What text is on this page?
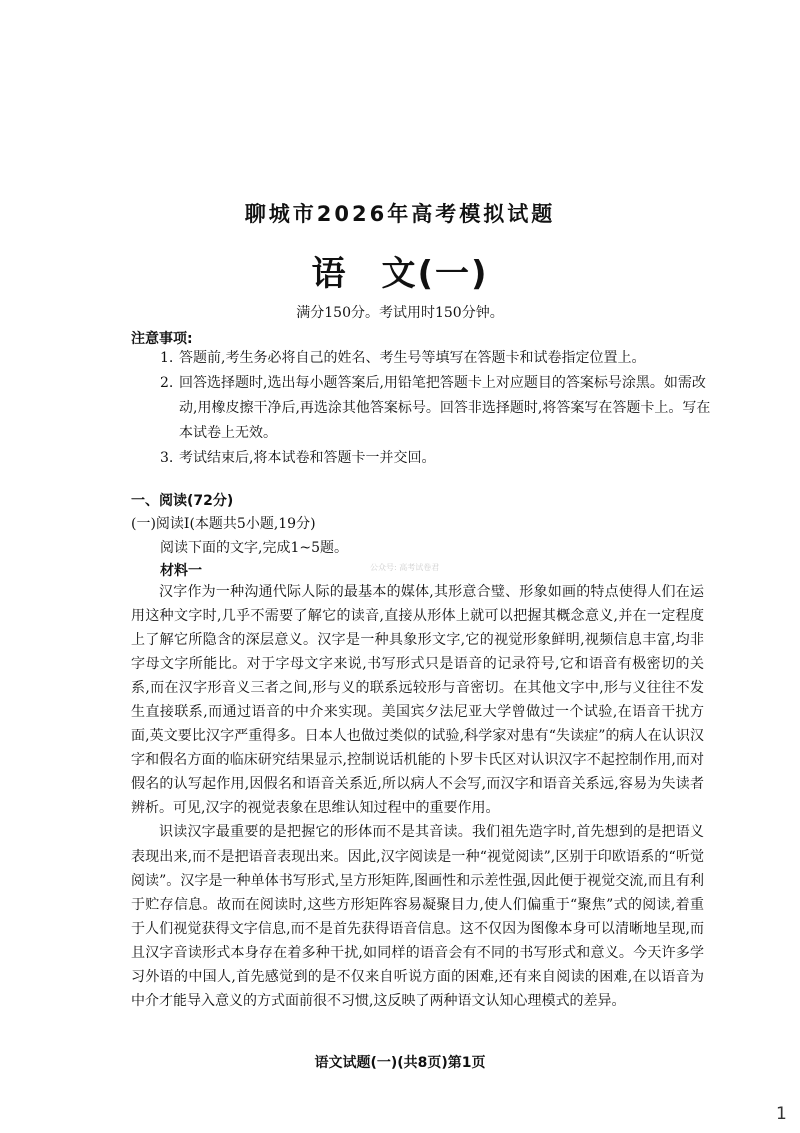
聊城市2026年高考模拟试题
语 文(一)
满分150分。考试用时150分钟。
注意事项:
1. 答题前,考生务必将自己的姓名、考生号等填写在答题卡和试卷指定位置上。
2. 回答选择题时,选出每小题答案后,用铅笔把答题卡上对应题目的答案标号涂黑。如需改动,用橡皮擦干净后,再选涂其他答案标号。回答非选择题时,将答案写在答题卡上。写在本试卷上无效。
3. 考试结束后,将本试卷和答题卡一并交回。
一、阅读(72分)
(一)阅读Ⅰ(本题共5小题,19分)
阅读下面的文字,完成1~5题。
材料一	公众号: 高考试卷君

汉字作为一种沟通代际人际的最基本的媒体,其形意合璧、形象如画的特点使得人们在运用这种文字时,几乎不需要了解它的读音,直接从形体上就可以把握其概念意义,并在一定程度上了解它所隐含的深层意义。汉字是一种具象形文字,它的视觉形象鲜明,视频信息丰富,均非字母文字所能比。对于字母文字来说,书写形式只是语音的记录符号,它和语音有极密切的关系,而在汉字形音义三者之间,形与义的联系远较形与音密切。在其他文字中,形与义往往不发生直接联系,而通过语音的中介来实现。美国宾夕法尼亚大学曾做过一个试验,在语音干扰方面,英文要比汉字严重得多。日本人也做过类似的试验,科学家对患有“失读症”的病人在认识汉字和假名方面的临床研究结果显示,控制说话机能的卜罗卡氏区对认识汉字不起控制作用,而对假名的认写起作用,因假名和语音关系近,所以病人不会写,而汉字和语音关系远,容易为失读者辨析。可见,汉字的视觉表象在思维认知过程中的重要作用。

识读汉字最重要的是把握它的形体而不是其音读。我们祖先造字时,首先想到的是把语义表现出来,而不是把语音表现出来。因此,汉字阅读是一种“视觉阅读”,区别于印欧语系的“听觉阅读”。汉字是一种单体书写形式,呈方形矩阵,图画性和示差性强,因此便于视觉交流,而且有利于贮存信息。故而在阅读时,这些方形矩阵容易凝聚目力,使人们偏重于“聚焦”式的阅读,着重于人们视觉获得文字信息,而不是首先获得语音信息。这不仅因为图像本身可以清晰地呈现,而且汉字音读形式本身存在着多种干扰,如同样的语音会有不同的书写形式和意义。今天许多学习外语的中国人,首先感觉到的是不仅来自听说方面的困难,还有来自阅读的困难,在以语音为中介才能导入意义的方式面前很不习惯,这反映了两种语文认知心理模式的差异。

语文试题(一)(共8页)第1页
1
